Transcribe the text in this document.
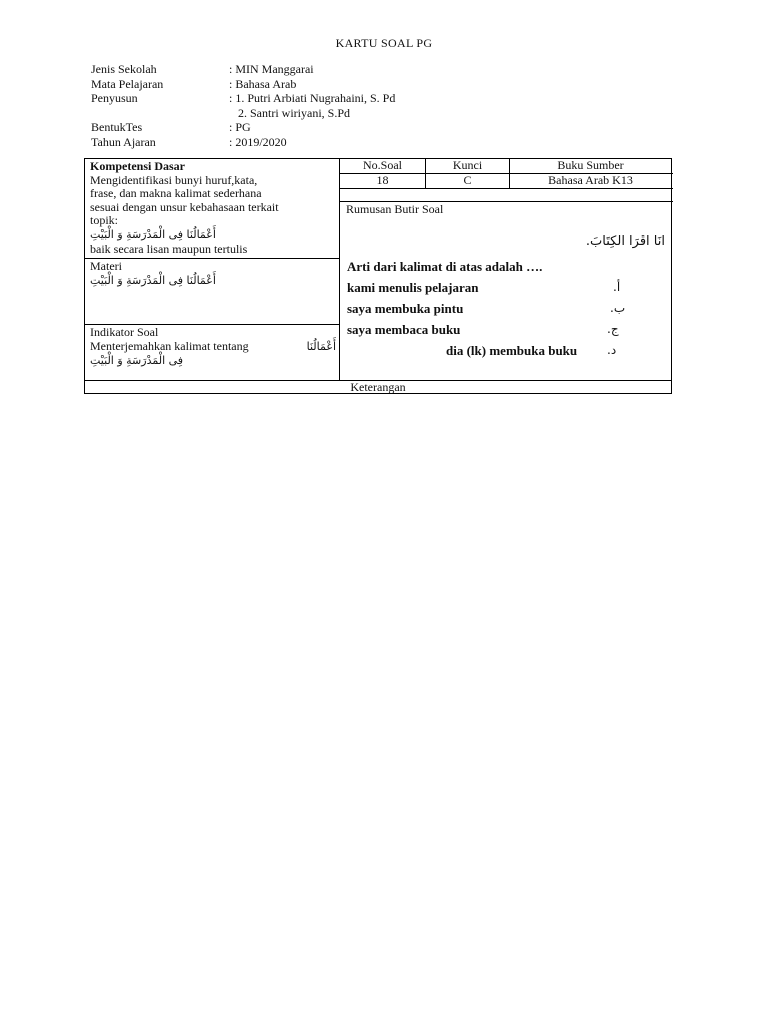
KARTU SOAL PG
Jenis Sekolah	: MIN Manggarai
Mata Pelajaran	: Bahasa Arab
Penyusun	: 1. Putri Arbiati Nugrahaini, S. Pd
2. Santri wiriyani, S.Pd
BentukTes	: PG
Tahun Ajaran	: 2019/2020
Kompetensi Dasar
Mengidentifikasi bunyi huruf,kata,
frase, dan makna kalimat sederhana
sesuai dengan unsur kebahasaan terkait
topik:
أَعْمَالُنَا فِى الْمَدْرَسَةِ وَ الْبَيْتِ
baik secara lisan maupun tertulis
Materi
أَعْمَالُنَا فِى الْمَدْرَسَةِ وَ الْبَيْتِ
Indikator Soal
Menterjemahkan kalimat tentang	أَعْمَالُنَا
فِى الْمَدْرَسَةِ وَ الْبَيْتِ
No.Soal	Kunci	Buku Sumber
18	C	Bahasa Arab K13
Rumusan Butir Soal
اَنَا اَقْرَأُ الْكِتَابَ.
Arti dari kalimat di atas adalah ….
kami menulis pelajaran	.أ
saya membuka pintu	.ب
saya membaca buku	.ج
dia (lk) membuka buku .د
Keterangan
